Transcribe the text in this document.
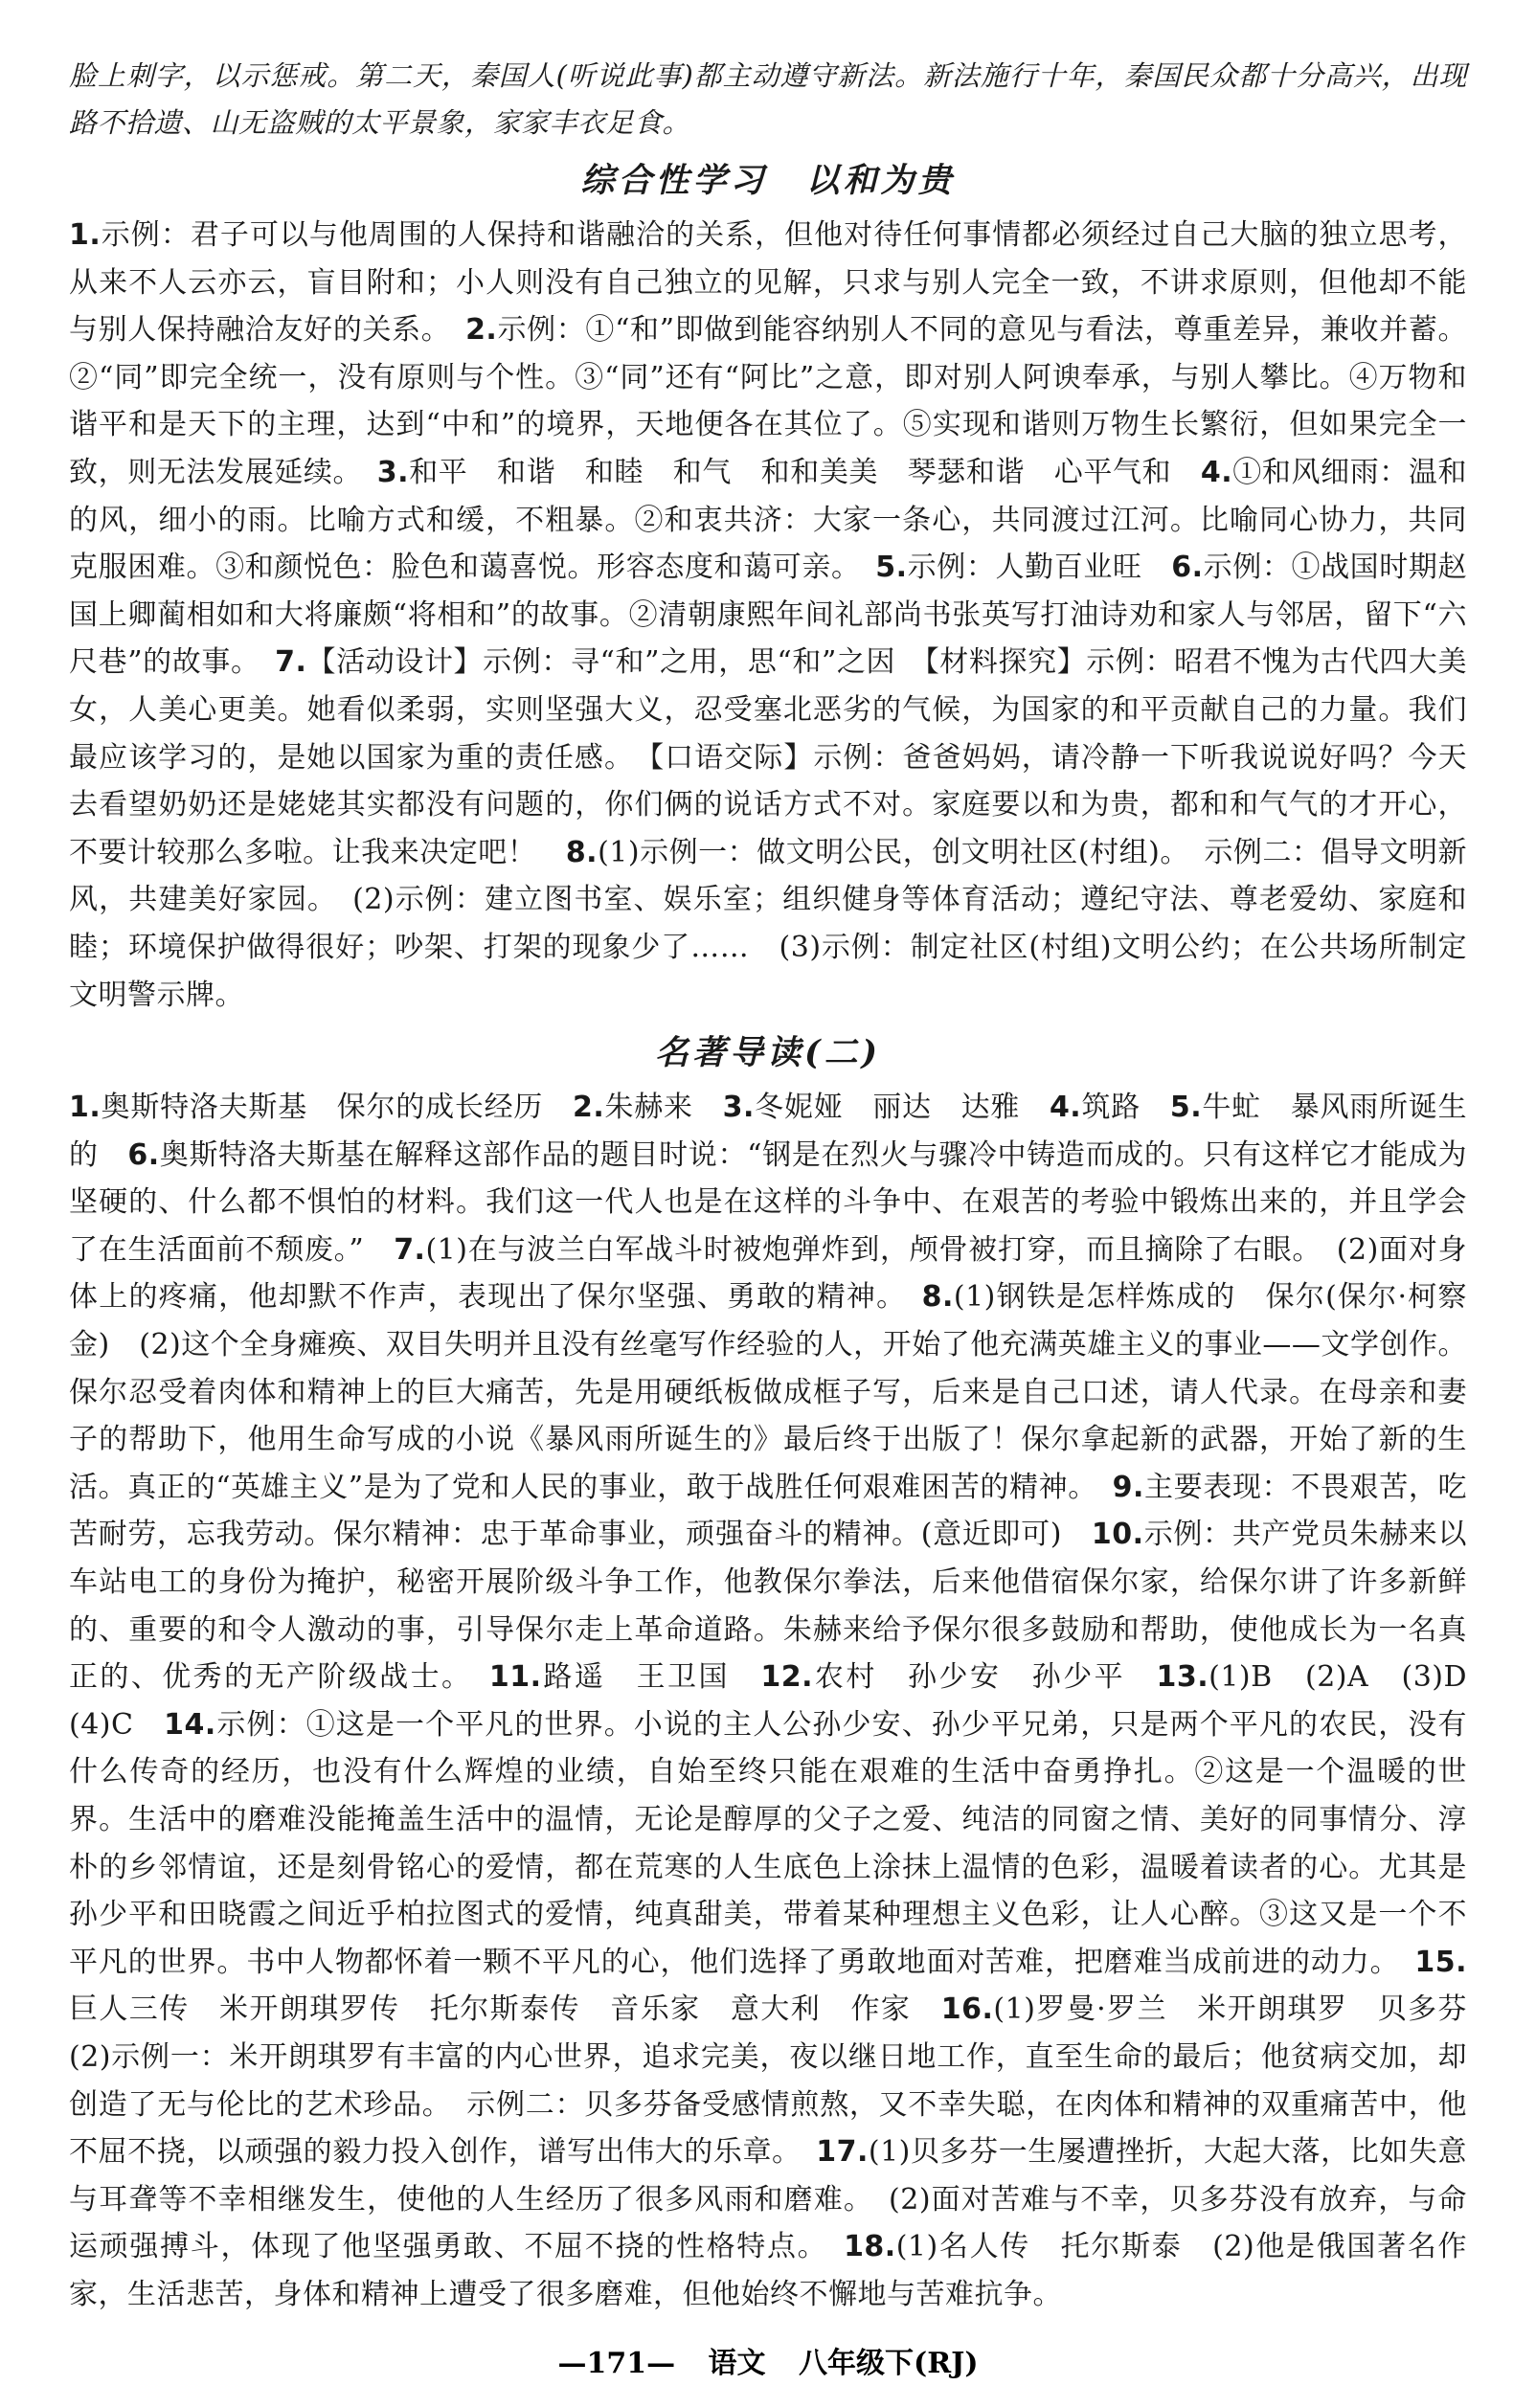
脸上刺字，以示惩戒。第二天，秦国人(听说此事)都主动遵守新法。新法施行十年，秦国民众都十分高兴，出现路不拾遗、山无盗贼的太平景象，家家丰衣足食。

综合性学习 以和为贵

1.示例：君子可以与他周围的人保持和谐融洽的关系，但他对待任何事情都必须经过自己大脑的独立思考，从来不人云亦云，盲目附和；小人则没有自己独立的见解，只求与别人完全一致，不讲求原则，但他却不能与别人保持融洽友好的关系。　 2.示例：①“和”即做到能容纳别人不同的意见与看法，尊重差异，兼收并蓄。②“同”即完全统一，没有原则与个性。③“同”还有“阿比”之意，即对别人阿谀奉承，与别人攀比。④万物和谐平和是天下的主理，达到“中和”的境界，天地便各在其位了。⑤实现和谐则万物生长繁衍，但如果完全一致，则无法发展延续。　 3.和平　和谐　和睦　和气　和和美美　琴瑟和谐　心平气和　 4.①和风细雨：温和的风，细小的雨。比喻方式和缓，不粗暴。②和衷共济：大家一条心，共同渡过江河。比喻同心协力，共同克服困难。③和颜悦色：脸色和蔼喜悦。形容态度和蔼可亲。　 5.示例：人勤百业旺　 6.示例：①战国时期赵国上卿蔺相如和大将廉颇“将相和”的故事。②清朝康熙年间礼部尚书张英写打油诗劝和家人与邻居，留下“六尺巷”的故事。　 7.【活动设计】示例：寻“和”之用，思“和”之因　【材料探究】示例：昭君不愧为古代四大美女，人美心更美。她看似柔弱，实则坚强大义，忍受塞北恶劣的气候，为国家的和平贡献自己的力量。我们最应该学习的，是她以国家为重的责任感。　【口语交际】示例：爸爸妈妈，请冷静一下听我说说好吗？今天去看望奶奶还是姥姥其实都没有问题的，你们俩的说话方式不对。家庭要以和为贵，都和和气气的才开心，不要计较那么多啦。让我来决定吧！　 8.(1)示例一：做文明公民，创文明社区(村组)。　示例二：倡导文明新风，共建美好家园。　(2)示例：建立图书室、娱乐室；组织健身等体育活动；遵纪守法、尊老爱幼、家庭和睦；环境保护做得很好；吵架、打架的现象少了……　(3)示例：制定社区(村组)文明公约；在公共场所制定文明警示牌。

名著导读(二)

1.奥斯特洛夫斯基　保尔的成长经历　 2.朱赫来　 3.冬妮娅　丽达　达雅　 4.筑路　 5.牛虻　暴风雨所诞生的　 6.奥斯特洛夫斯基在解释这部作品的题目时说：“钢是在烈火与骤冷中铸造而成的。只有这样它才能成为坚硬的、什么都不惧怕的材料。我们这一代人也是在这样的斗争中、在艰苦的考验中锻炼出来的，并且学会了在生活面前不颓废。”　 7.(1)在与波兰白军战斗时被炮弹炸到，颅骨被打穿，而且摘除了右眼。　(2)面对身体上的疼痛，他却默不作声，表现出了保尔坚强、勇敢的精神。　 8.(1)钢铁是怎样炼成的　保尔(保尔·柯察金)　(2)这个全身瘫痪、双目失明并且没有丝毫写作经验的人，开始了他充满英雄主义的事业——文学创作。保尔忍受着肉体和精神上的巨大痛苦，先是用硬纸板做成框子写，后来是自己口述，请人代录。在母亲和妻子的帮助下，他用生命写成的小说《暴风雨所诞生的》最后终于出版了！保尔拿起新的武器，开始了新的生活。真正的“英雄主义”是为了党和人民的事业，敢于战胜任何艰难困苦的精神。　 9.主要表现：不畏艰苦，吃苦耐劳，忘我劳动。保尔精神：忠于革命事业，顽强奋斗的精神。(意近即可)　 10.示例：共产党员朱赫来以车站电工的身份为掩护，秘密开展阶级斗争工作，他教保尔拳法，后来他借宿保尔家，给保尔讲了许多新鲜的、重要的和令人激动的事，引导保尔走上革命道路。朱赫来给予保尔很多鼓励和帮助，使他成长为一名真正的、优秀的无产阶级战士。　 11.路遥　王卫国　 12.农村　孙少安　孙少平　 13.(1)B　(2)A　(3)D　(4)C　 14.示例：①这是一个平凡的世界。小说的主人公孙少安、孙少平兄弟，只是两个平凡的农民，没有什么传奇的经历，也没有什么辉煌的业绩，自始至终只能在艰难的生活中奋勇挣扎。②这是一个温暖的世界。生活中的磨难没能掩盖生活中的温情，无论是醇厚的父子之爱、纯洁的同窗之情、美好的同事情分、淳朴的乡邻情谊，还是刻骨铭心的爱情，都在荒寒的人生底色上涂抹上温情的色彩，温暖着读者的心。尤其是孙少平和田晓霞之间近乎柏拉图式的爱情，纯真甜美，带着某种理想主义色彩，让人心醉。③这又是一个不平凡的世界。书中人物都怀着一颗不平凡的心，他们选择了勇敢地面对苦难，把磨难当成前进的动力。　 15.巨人三传　米开朗琪罗传　托尔斯泰传　音乐家　意大利　作家　 16.(1)罗曼·罗兰　米开朗琪罗　贝多芬　(2)示例一：米开朗琪罗有丰富的内心世界，追求完美，夜以继日地工作，直至生命的最后；他贫病交加，却创造了无与伦比的艺术珍品。　示例二：贝多芬备受感情煎熬，又不幸失聪，在肉体和精神的双重痛苦中，他不屈不挠，以顽强的毅力投入创作，谱写出伟大的乐章。　 17.(1)贝多芬一生屡遭挫折，大起大落，比如失意与耳聋等不幸相继发生，使他的人生经历了很多风雨和磨难。　(2)面对苦难与不幸，贝多芬没有放弃，与命运顽强搏斗，体现了他坚强勇敢、不屈不挠的性格特点。　 18.(1)名人传　托尔斯泰　(2)他是俄国著名作家，生活悲苦，身体和精神上遭受了很多磨难，但他始终不懈地与苦难抗争。

—171— 语文 八年级下(RJ)
